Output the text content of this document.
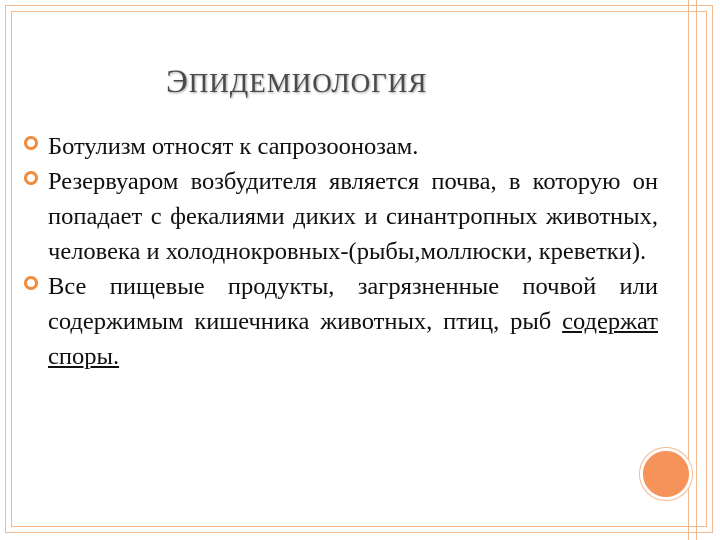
ЭПИДЕМИОЛОГИЯ
Ботулизм относят к сапрозоонозам.
Резервуаром возбудителя является почва, в которую он попадает с фекалиями диких и синантропных животных, человека и холоднокровных-(рыбы,моллюски, креветки).
Все пищевые продукты, загрязненные почвой или содержимым кишечника животных, птиц, рыб содержат споры.
